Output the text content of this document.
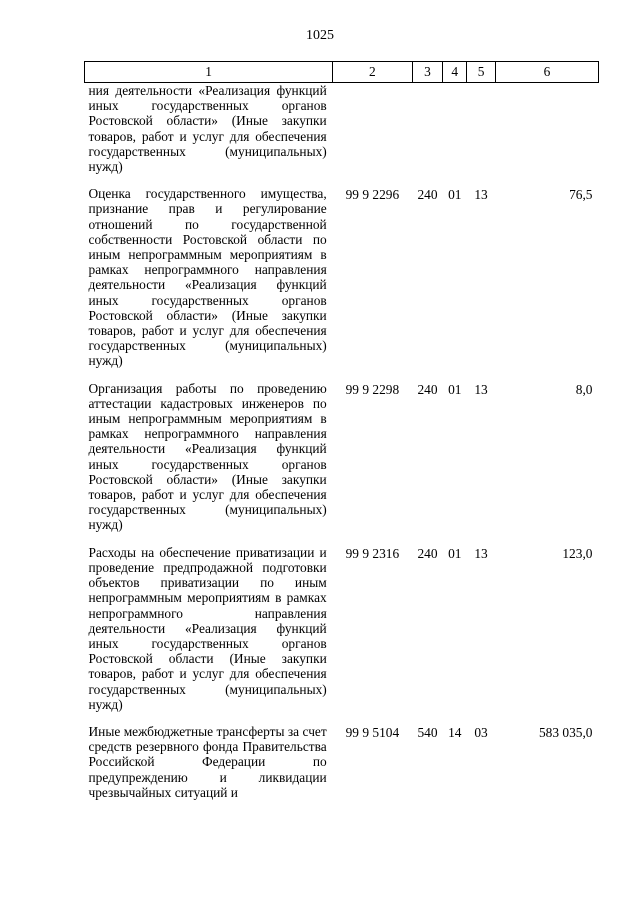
1025
1	2	3	4	5	6
ния деятельности «Реализация функций иных государственных органов Ростовской области» (Иные закупки товаров, работ и услуг для обеспечения государственных (муниципальных) нужд)					
Оценка государственного имущества, признание прав и регулирование отношений по государственной собственности Ростовской области по иным непрограммным мероприятиям в рамках непрограммного направления деятельности «Реализация функций иных государственных органов Ростовской области» (Иные закупки товаров, работ и услуг для обеспечения государственных (муниципальных) нужд)	99 9 2296	240	01	13	76,5
Организация работы по проведению аттестации кадастровых инженеров по иным непрограммным мероприятиям в рамках непрограммного направления деятельности «Реализация функций иных государственных органов Ростовской области» (Иные закупки товаров, работ и услуг для обеспечения государственных (муниципальных) нужд)	99 9 2298	240	01	13	8,0
Расходы на обеспечение приватизации и проведение предпродажной подготовки объектов приватизации по иным непрограммным мероприятиям в рамках непрограммного направления деятельности «Реализация функций иных государственных органов Ростовской области (Иные закупки товаров, работ и услуг для обеспечения государственных (муниципальных) нужд)	99 9 2316	240	01	13	123,0
Иные межбюджетные трансферты за счет средств резервного фонда Правительства Российской Федерации по предупреждению и ликвидации чрезвычайных ситуаций и	99 9 5104	540	14	03	583 035,0
